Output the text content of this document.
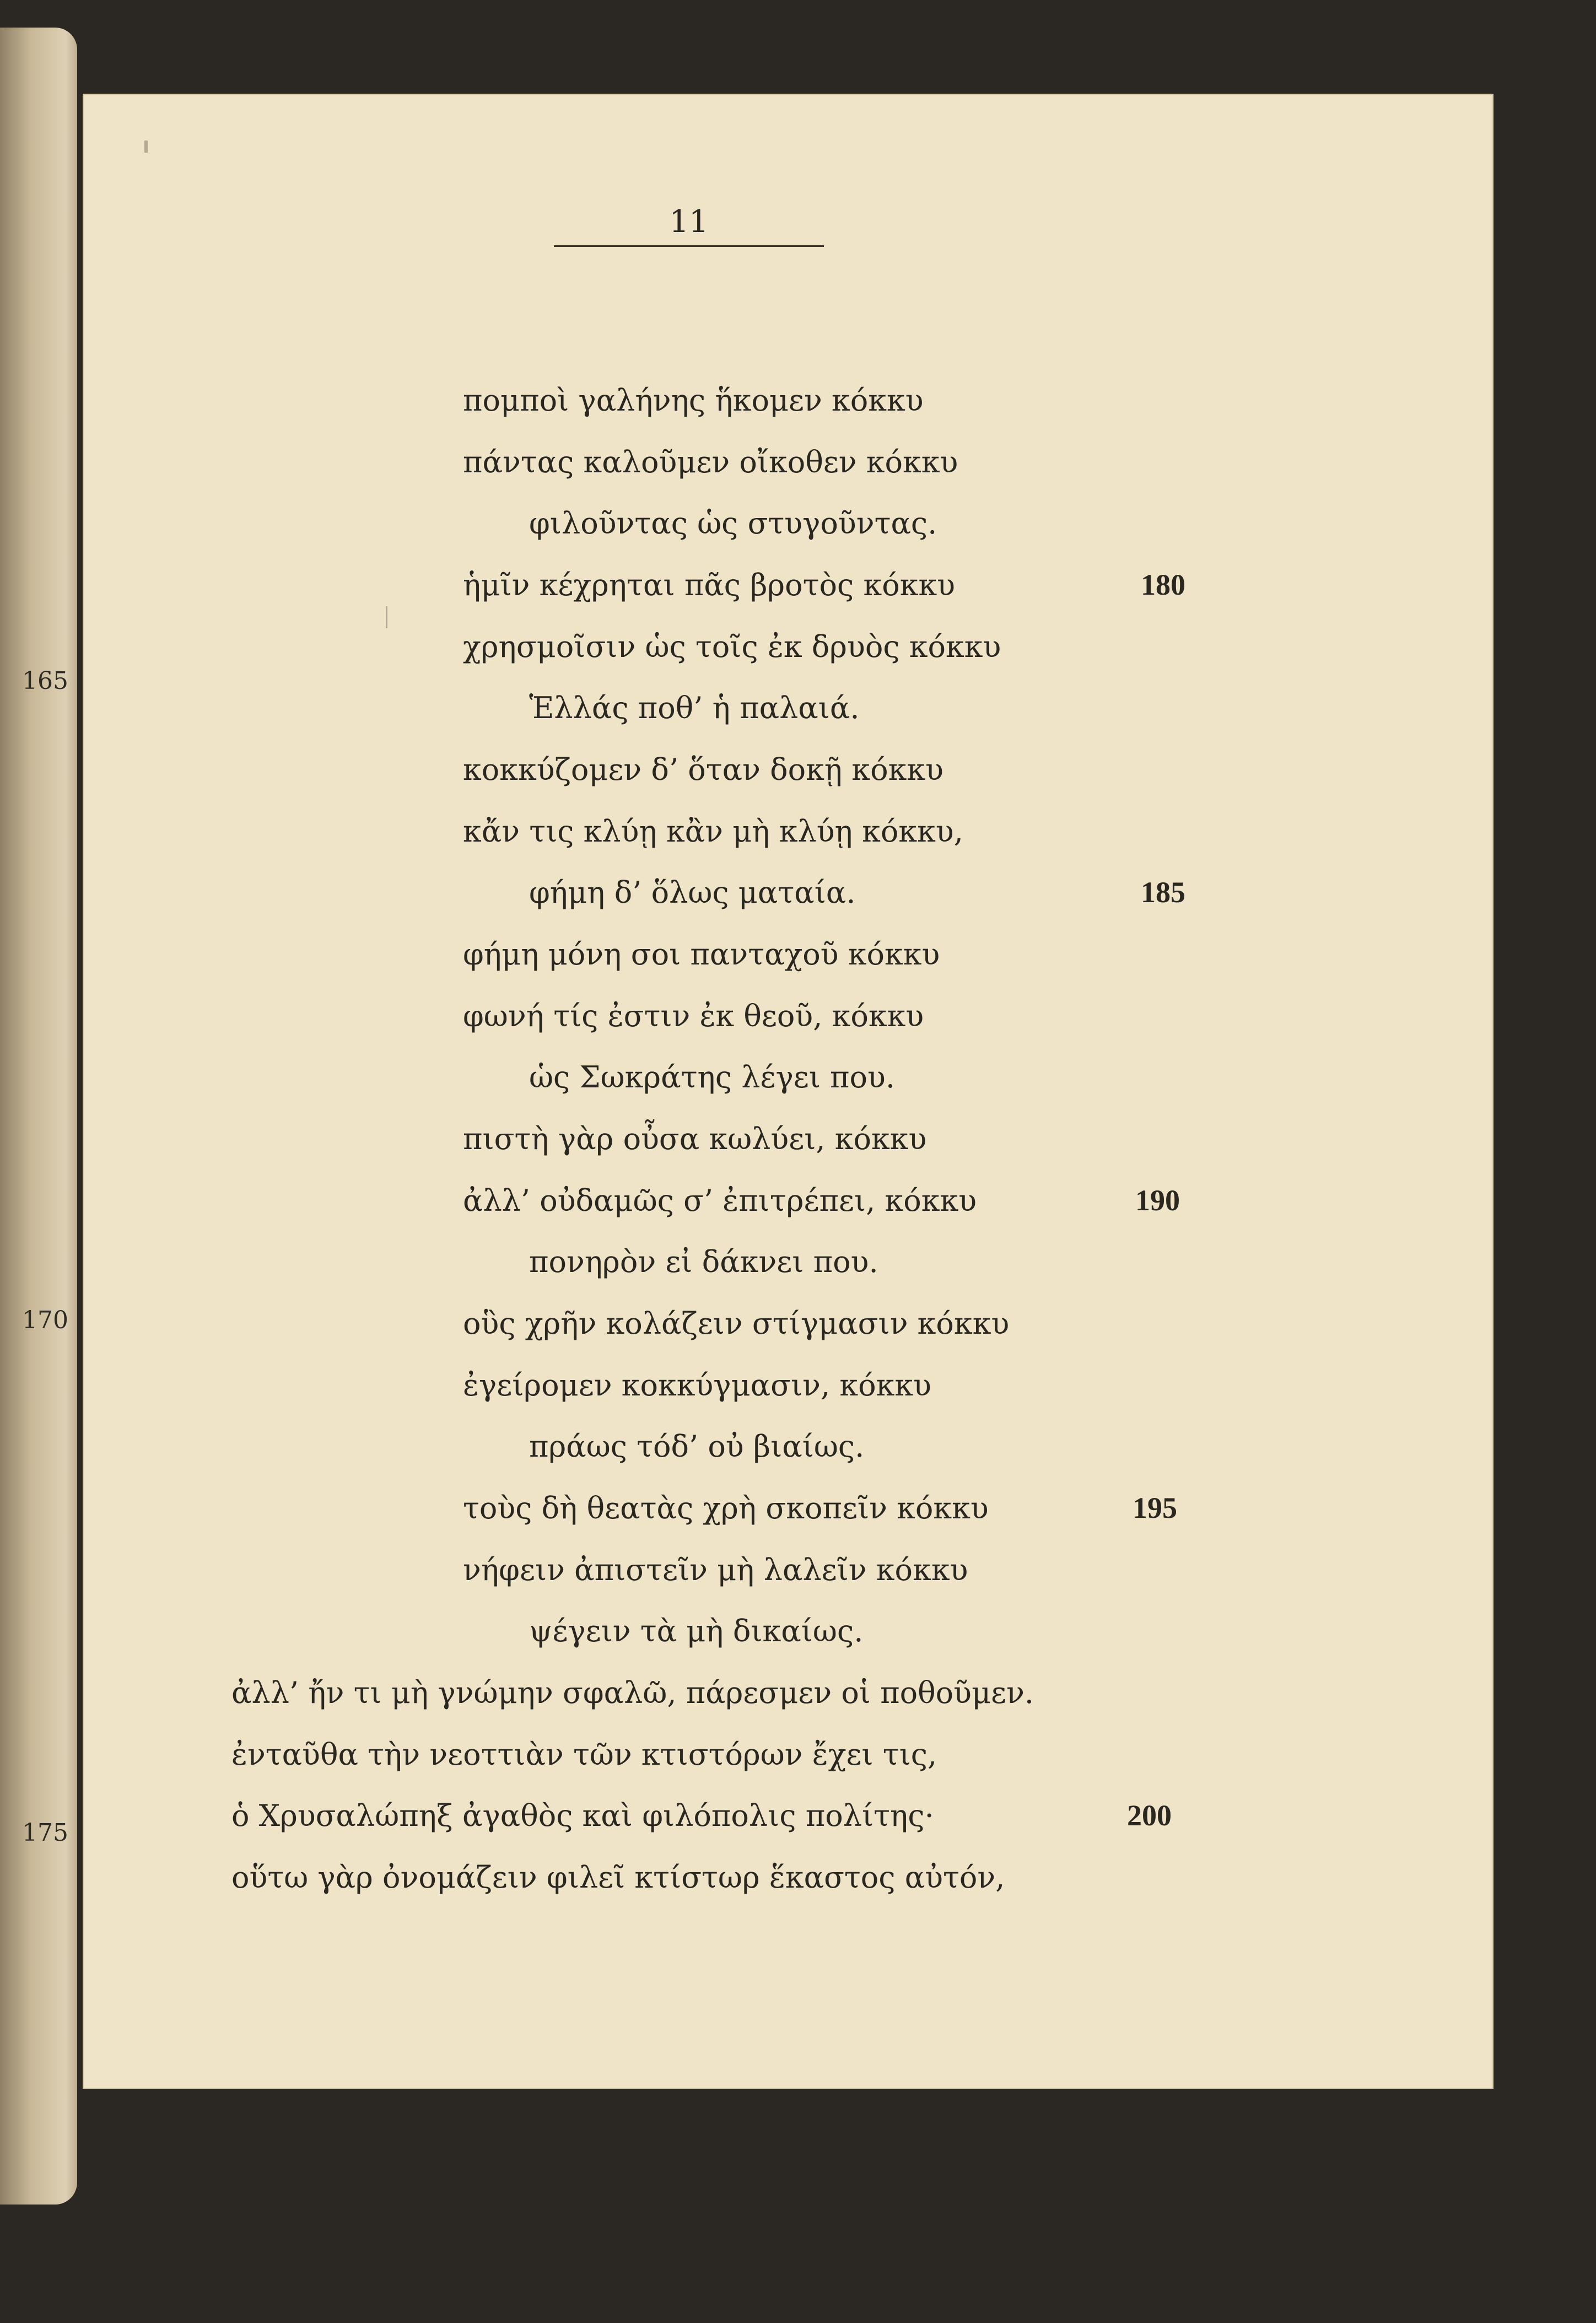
165
170
175
11
πομποὶ γαλήνης ἥκομεν κόκκυ
πάντας καλοῦμεν οἴκοθεν κόκκυ
φιλοῦντας ὡς στυγοῦντας.
ἡμῖν κέχρηται πᾶς βροτὸς κόκκυ
χρησμοῖσιν ὡς τοῖς ἐκ δρυὸς κόκκυ
Ἑλλάς ποθ’ ἡ παλαιά.
κοκκύζομεν δ’ ὅταν δοκῇ κόκκυ
κἄν τις κλύῃ κἂν μὴ κλύῃ κόκκυ,
φήμη δ’ ὅλως ματαία.
φήμη μόνη σοι πανταχοῦ κόκκυ
φωνή τίς ἐστιν ἐκ θεοῦ, κόκκυ
ὡς Σωκράτης λέγει που.
πιστὴ γὰρ οὖσα κωλύει, κόκκυ
ἀλλ’ οὐδαμῶς σ’ ἐπιτρέπει, κόκκυ
πονηρὸν εἰ δάκνει που.
οὓς χρῆν κολάζειν στίγμασιν κόκκυ
ἐγείρομεν κοκκύγμασιν, κόκκυ
πράως τόδ’ οὐ βιαίως.
τοὺς δὴ θεατὰς χρὴ σκοπεῖν κόκκυ
νήφειν ἀπιστεῖν μὴ λαλεῖν κόκκυ
ψέγειν τὰ μὴ δικαίως.
ἀλλ’ ἤν τι μὴ γνώμην σφαλῶ, πάρεσμεν οἱ ποθοῦμεν.
ἐνταῦθα τὴν νεοττιὰν τῶν κτιστόρων ἔχει τις,
ὁ Χρυσαλώπηξ ἀγαθὸς καὶ φιλόπολις πολίτης·
οὕτω γὰρ ὀνομάζειν φιλεῖ κτίστωρ ἕκαστος αὐτόν,
180
185
190
195
200
